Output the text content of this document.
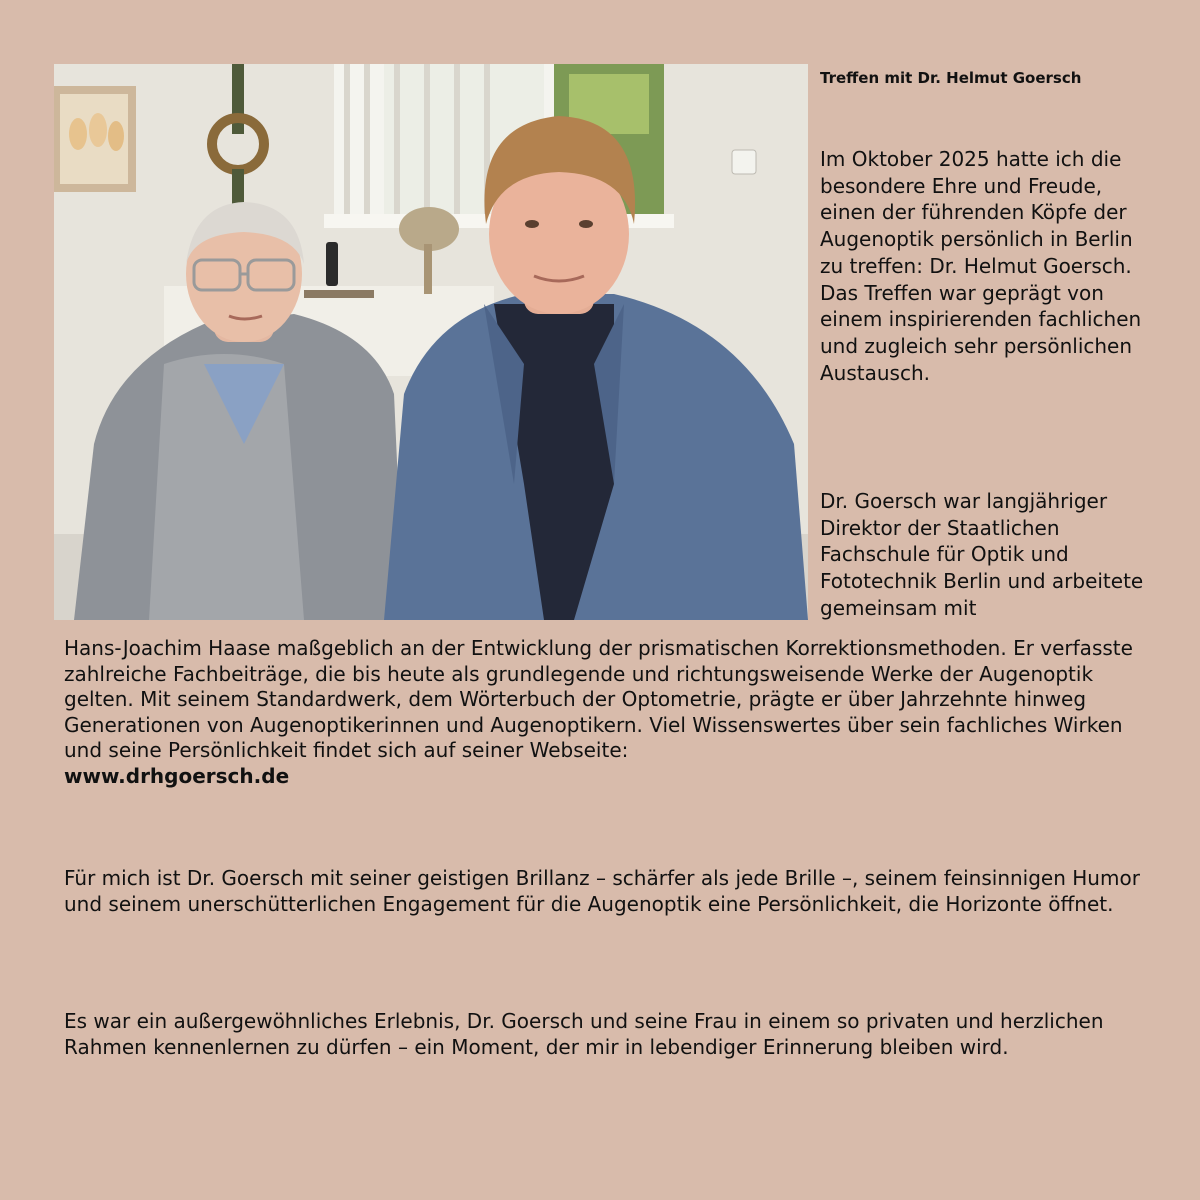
Treffen mit Dr. Helmut Goersch
Im Oktober 2025 hatte ich die besondere Ehre und Freude, einen der führenden Köpfe der Augenoptik persönlich in Berlin zu treffen: Dr. Helmut Goersch. Das Treffen war geprägt von einem inspirierenden fachlichen und zugleich sehr persönlichen Austausch.
Dr. Goersch war langjähriger Direktor der Staatlichen Fachschule für Optik und Fototechnik Berlin und arbeitete gemeinsam mit
Hans-Joachim Haase maßgeblich an der Entwicklung der prismatischen Korrektionsmethoden. Er verfasste zahlreiche Fachbeiträge, die bis heute als grundlegende und richtungsweisende Werke der Augenoptik gelten. Mit seinem Standardwerk, dem Wörterbuch der Optometrie, prägte er über Jahrzehnte hinweg Generationen von Augenoptikerinnen und Augenoptikern. Viel Wissenswertes über sein fachliches Wirken und seine Persönlichkeit findet sich auf seiner Webseite:
www.drhgoersch.de
Für mich ist Dr. Goersch mit seiner geistigen Brillanz – schärfer als jede Brille –, seinem feinsinnigen Humor und seinem unerschütterlichen Engagement für die Augenoptik eine Persönlichkeit, die Horizonte öffnet.
Es war ein außergewöhnliches Erlebnis, Dr. Goersch und seine Frau in einem so privaten und herzlichen Rahmen kennenlernen zu dürfen – ein Moment, der mir in lebendiger Erinnerung bleiben wird.
